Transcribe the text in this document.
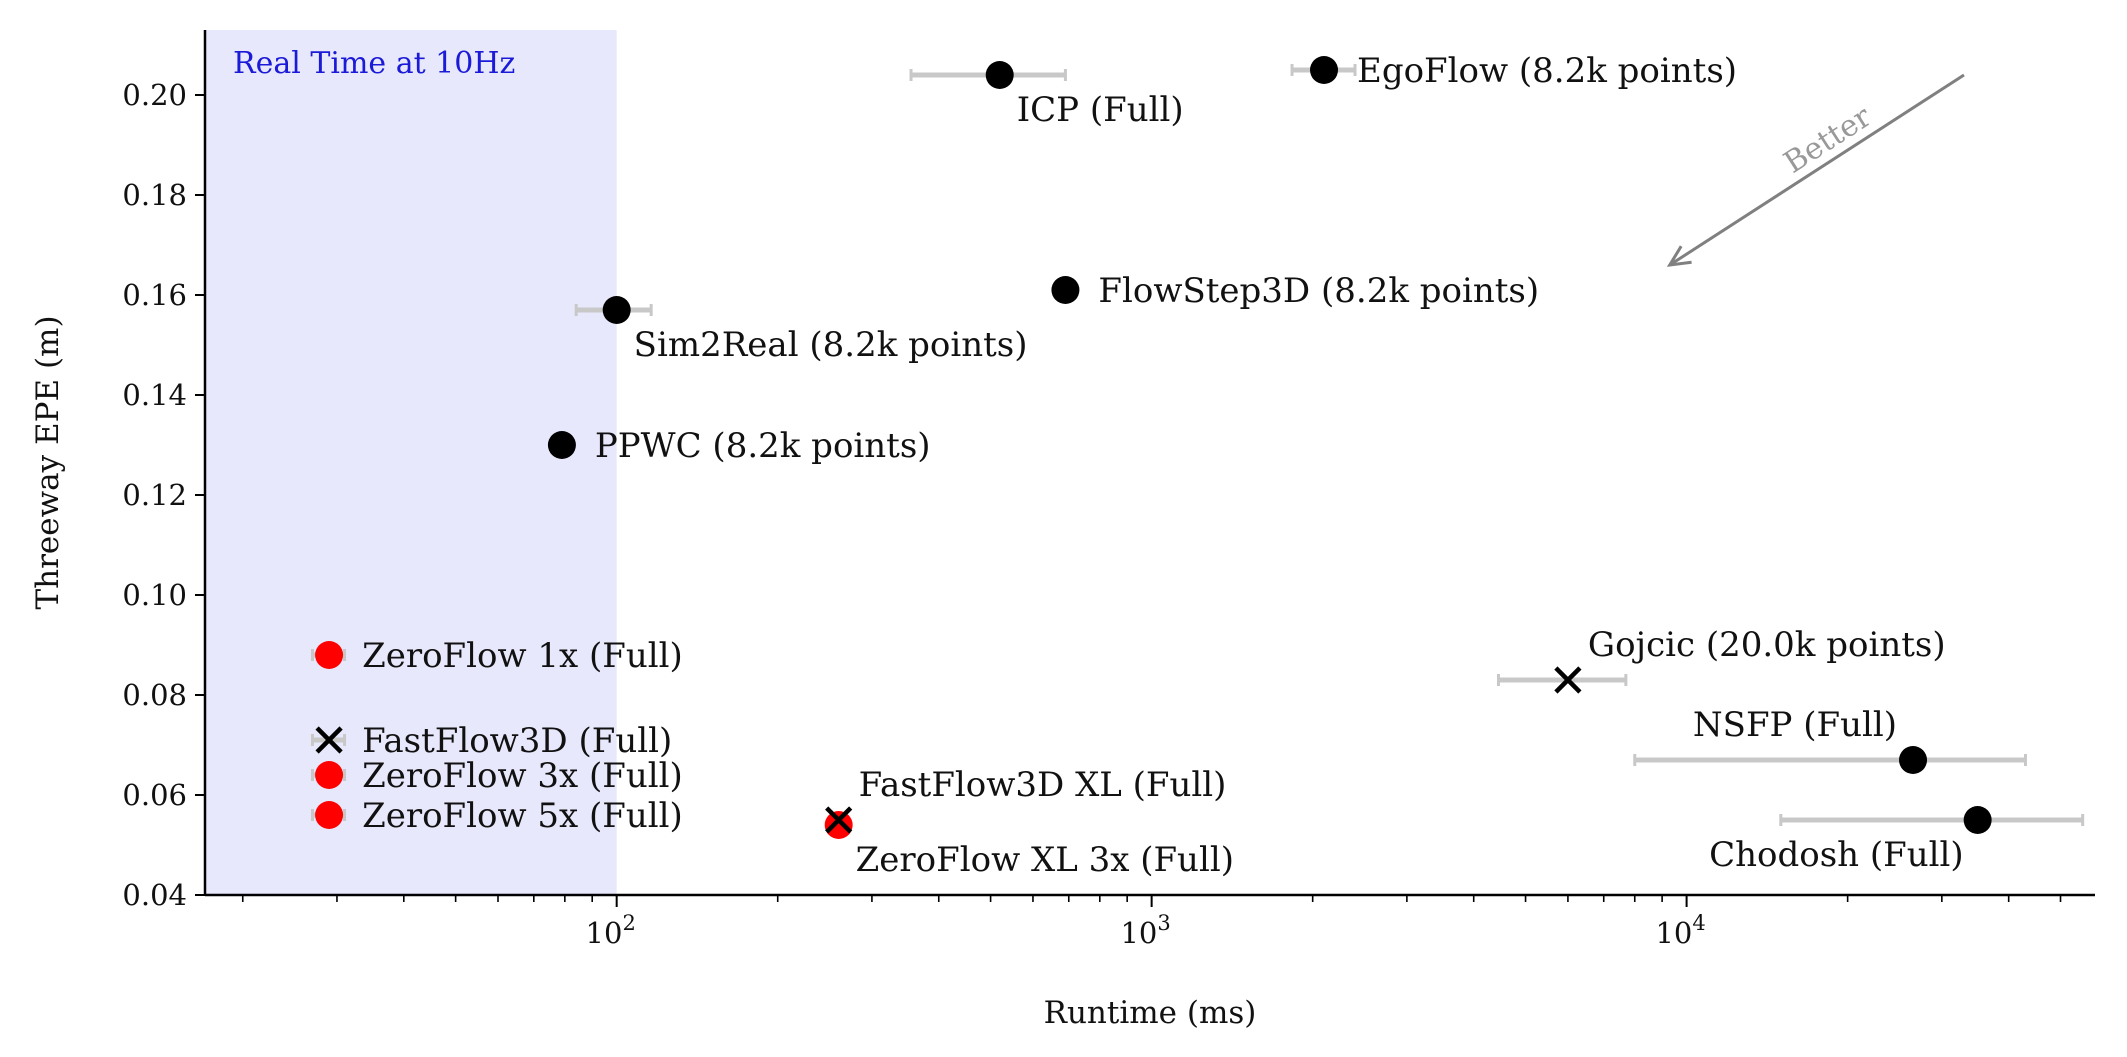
Real Time at 10Hz
0.04
0.06
0.08
0.10
0.12
0.14
0.16
0.18
0.20
$10^2$	$10^3$	$10^4$
ICP (Full)
EgoFlow (8.2k points)
FlowStep3D (8.2k points)
Sim2Real (8.2k points)
PPWC (8.2k points)
ZeroFlow 1x (Full)
FastFlow3D (Full)
ZeroFlow 3x (Full)
ZeroFlow 5x (Full)
ZeroFlow XL 3x (Full)
FastFlow3D XL (Full)
Gojcic (20.0k points)
NSFP (Full)
Chodosh (Full)
Runtime (ms)
Threeway EPE (m)
Better
